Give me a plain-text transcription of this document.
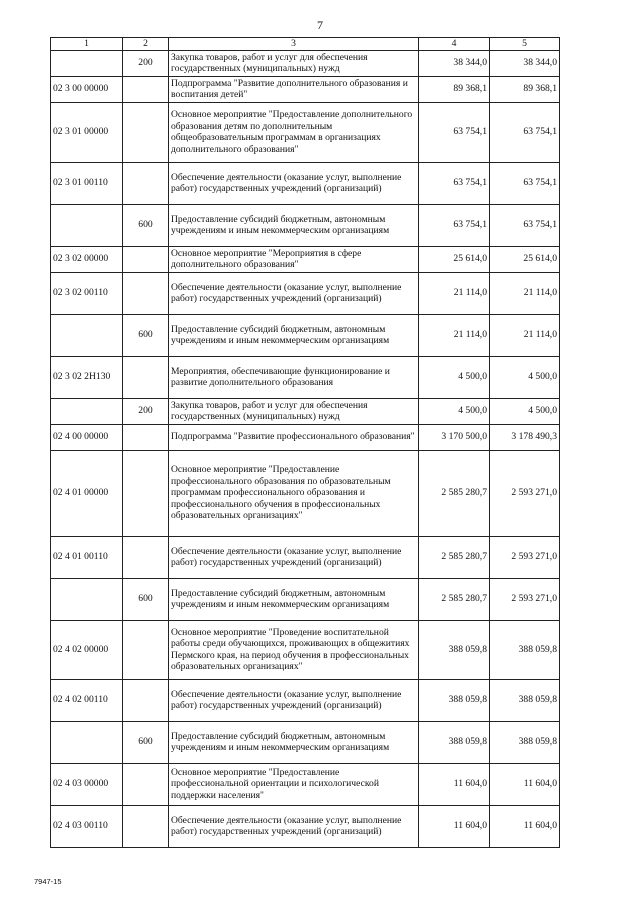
7
1	2	3	4	5
	200	Закупка товаров, работ и услуг для обеспечения государственных (муниципальных) нужд	38 344,0	38 344,0
02 3 00 00000		Подпрограмма "Развитие дополнительного образования и воспитания детей"	89 368,1	89 368,1
02 3 01 00000		Основное мероприятие "Предоставление дополнительного образования детям по дополнительным общеобразовательным программам в организациях дополнительного образования"	63 754,1	63 754,1
02 3 01 00110		Обеспечение деятельности (оказание услуг, выполнение работ) государственных учреждений (организаций)	63 754,1	63 754,1
	600	Предоставление субсидий бюджетным, автономным учреждениям и иным некоммерческим организациям	63 754,1	63 754,1
02 3 02 00000		Основное мероприятие "Мероприятия в сфере дополнительного образования"	25 614,0	25 614,0
02 3 02 00110		Обеспечение деятельности (оказание услуг, выполнение работ) государственных учреждений (организаций)	21 114,0	21 114,0
	600	Предоставление субсидий бюджетным, автономным учреждениям и иным некоммерческим организациям	21 114,0	21 114,0
02 3 02 2Н130		Мероприятия, обеспечивающие функционирование и развитие дополнительного образования	4 500,0	4 500,0
	200	Закупка товаров, работ и услуг для обеспечения государственных (муниципальных) нужд	4 500,0	4 500,0
02 4 00 00000		Подпрограмма "Развитие профессионального образования"	3 170 500,0	3 178 490,3
02 4 01 00000		Основное мероприятие "Предоставление профессионального образования по образовательным программам профессионального образования и профессионального обучения в профессиональных образовательных организациях"	2 585 280,7	2 593 271,0
02 4 01 00110		Обеспечение деятельности (оказание услуг, выполнение работ) государственных учреждений (организаций)	2 585 280,7	2 593 271,0
	600	Предоставление субсидий бюджетным, автономным учреждениям и иным некоммерческим организациям	2 585 280,7	2 593 271,0
02 4 02 00000		Основное мероприятие "Проведение воспитательной работы среди обучающихся, проживающих в общежитиях Пермского края, на период обучения в профессиональных образовательных организациях"	388 059,8	388 059,8
02 4 02 00110		Обеспечение деятельности (оказание услуг, выполнение работ) государственных учреждений (организаций)	388 059,8	388 059,8
	600	Предоставление субсидий бюджетным, автономным учреждениям и иным некоммерческим организациям	388 059,8	388 059,8
02 4 03 00000		Основное мероприятие "Предоставление профессиональной ориентации и психологической поддержки населения"	11 604,0	11 604,0
02 4 03 00110		Обеспечение деятельности (оказание услуг, выполнение работ) государственных учреждений (организаций)	11 604,0	11 604,0
7947-15
